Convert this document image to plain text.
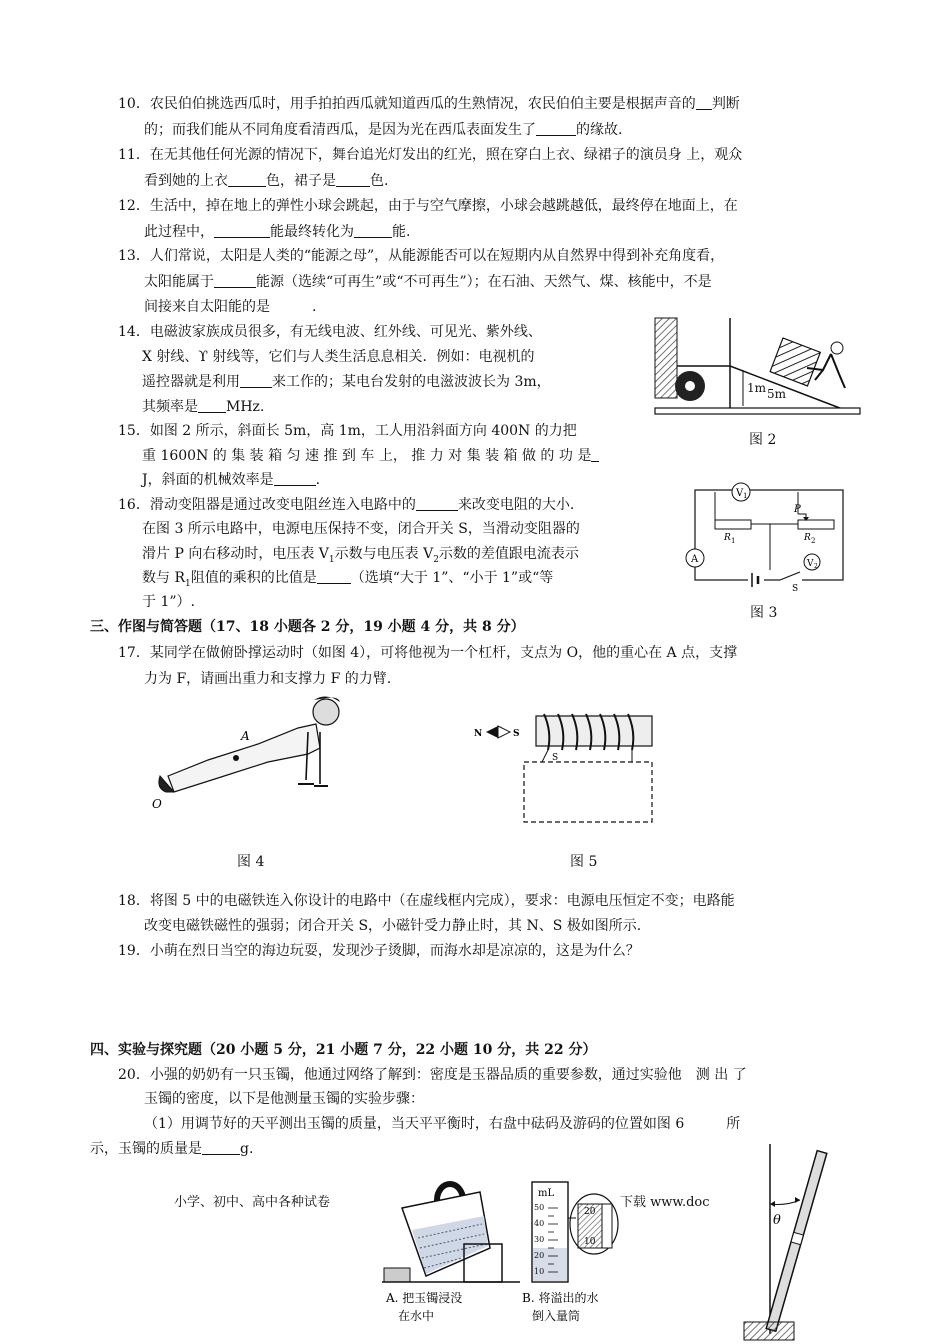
10．农民伯伯挑选西瓜时，用手拍拍西瓜就知道西瓜的生熟情况，农民伯伯主要是根据声音的 判断
的；而我们能从不同角度看清西瓜，是因为光在西瓜表面发生了	的缘故.
11．在无其他任何光源的情况下，舞台追光灯发出的红光，照在穿白上衣、绿裙子的演员身 上，观众
看到她的上衣	色，裙子是 色.
12．生活中，掉在地上的弹性小球会跳起，由于与空气摩擦，小球会越跳越低，最终停在地面上，在
此过程中，	能最终转化为	能.
13．人们常说，太阳是人类的“能源之母”，从能源能否可以在短期内从自然界中得到补充角度看，
太阳能属于	能源（选续“可再生”或“不可再生”）；在石油、天然气、煤、核能中，不是
间接来自太阳能的是　　　.
14．电磁波家族成员很多，有无线电波、红外线、可见光、紫外线、
X 射线、ϒ 射线等，它们与人类生活息息相关．例如：电视机的
遥控器就是利用 来工作的；某电台发射的电滋波波长为 3m，
其频率是 MHz.
15．如图 2 所示，斜面长 5m，高 1m，工人用沿斜面方向 400N 的力把
重 1600N 的 集 装 箱 匀 速 推 到 车 上， 推 力 对 集 装 箱 做 的 功 是
J，斜面的机械效率是	.
16．滑动变阻器是通过改变电阻丝连入电路中的	来改变电阻的大小.
在图 3 所示电路中，电源电压保持不变，闭合开关 S，当滑动变阻器的
滑片 P 向右移动时，电压表 $V_1$示数与电压表 $V_2$示数的差值跟电流表示
数与 $R_1$阻值的乘积的比值是 （选填“大于 1”、“小于 1”或“等
于 1”）.
1m 5m
图 2
V 1
P
R 1	R 2
A	V 2
S
图 3
三、作图与简答题（17、18 小题各 2 分，19 小题 4 分，共 8 分）
17．某同学在做俯卧撑运动时（如图 4），可将他视为一个杠杆，支点为 O，他的重心在 A 点，支撑
力为 F，请画出重力和支撑力 F 的力臂.
A
O
图 4
N	S
S
图 5
18．将图 5 中的电磁铁连入你设计的电路中（在虚线框内完成），要求：电源电压恒定不变；电路能
改变电磁铁磁性的强弱；闭合开关 S，小磁针受力静止时，其 N、S 极如图所示.
19．小萌在烈日当空的海边玩耍，发现沙子烫脚，而海水却是凉凉的，这是为什么？
四、实验与探究题（20 小题 5 分，21 小题 7 分，22 小题 10 分，共 22 分）
20．小强的奶奶有一只玉镯，他通过网络了解到：密度是玉器品质的重要参数，通过实验他　测 出 了
玉镯的密度，以下是他测量玉镯的实验步骤：
（1）用调节好的天平测出玉镯的质量，当天平平衡时，右盘中砝码及游码的位置如图 6　　　所
示，玉镯的质量是	g.
小学、初中、高中各种试卷	下载 www.doc
mL
50
40
30
20
10
20
10
A. 把玉镯浸没
在水中
B. 将溢出的水
倒入量筒
θ
